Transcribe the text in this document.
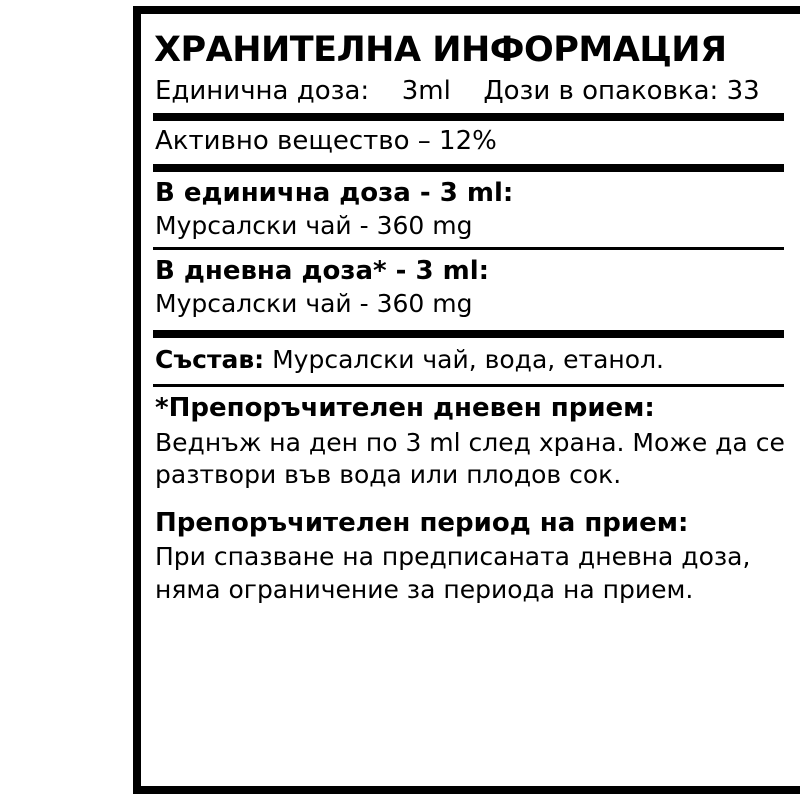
ХРАНИТЕЛНА ИНФОРМАЦИЯ
Единична доза: 3ml Дози в опаковка: 33
Активно вещество – 12%
В единична доза - 3 ml:
Мурсалски чай - 360 mg
В дневна доза* - 3 ml:
Мурсалски чай - 360 mg
Състав: Мурсалски чай, вода, етанол.
*Препоръчителен дневен прием:
Веднъж на ден по 3 ml след храна. Може да се разтвори във вода или плодов сок.
Препоръчителен период на прием:
При спазване на предписаната дневна доза, няма ограничение за периода на прием.
